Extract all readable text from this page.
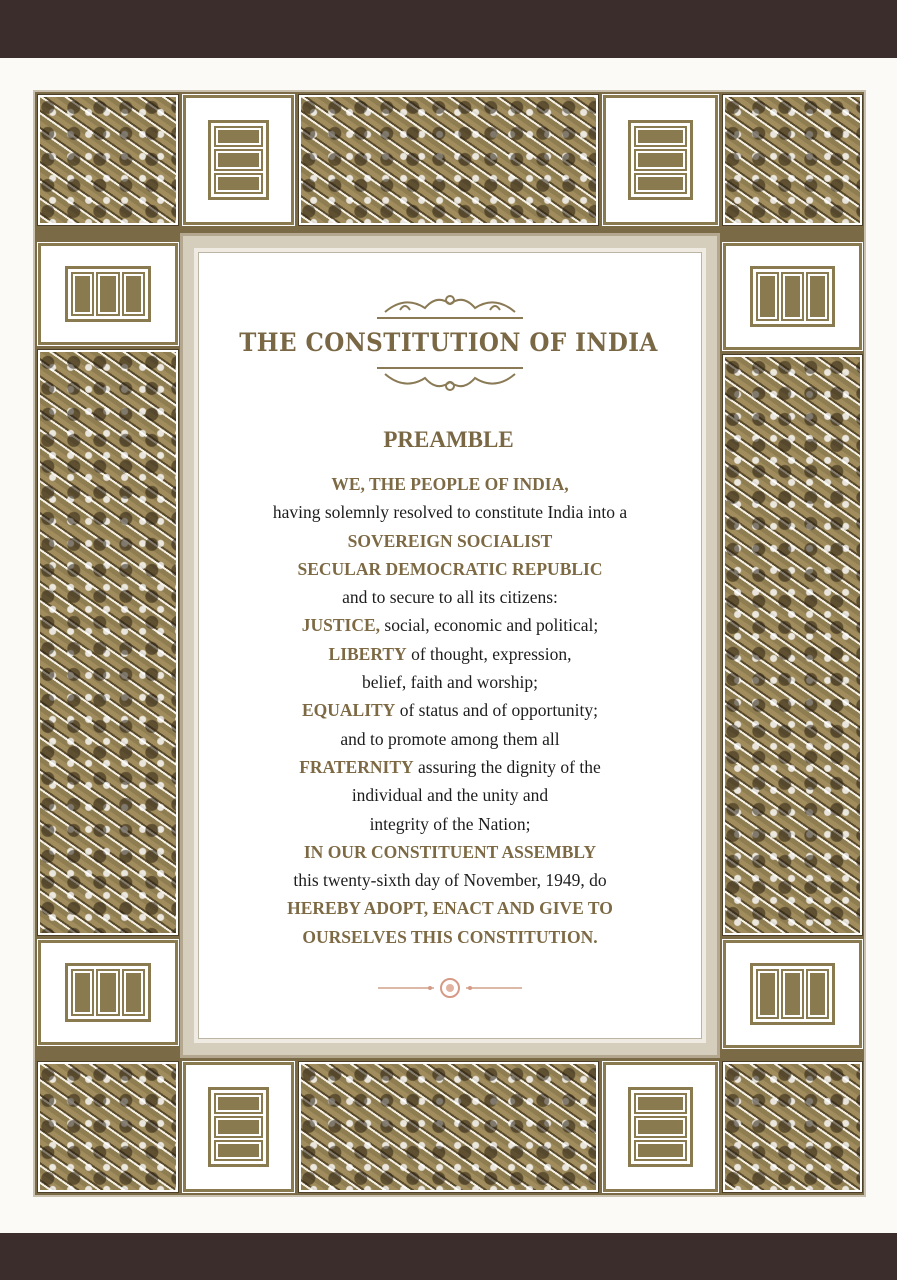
THE CONSTITUTION OF INDIA
PREAMBLE
WE, THE PEOPLE OF INDIA,
having solemnly resolved to constitute India into a
SOVEREIGN SOCIALIST
SECULAR DEMOCRATIC REPUBLIC
and to secure to all its citizens:
JUSTICE, social, economic and political;
LIBERTY of thought, expression,
belief, faith and worship;
EQUALITY of status and of opportunity;
and to promote among them all
FRATERNITY assuring the dignity of the
individual and the unity and
integrity of the Nation;
IN OUR CONSTITUENT ASSEMBLY
this twenty-sixth day of November, 1949, do
HEREBY ADOPT, ENACT AND GIVE TO
OURSELVES THIS CONSTITUTION.
